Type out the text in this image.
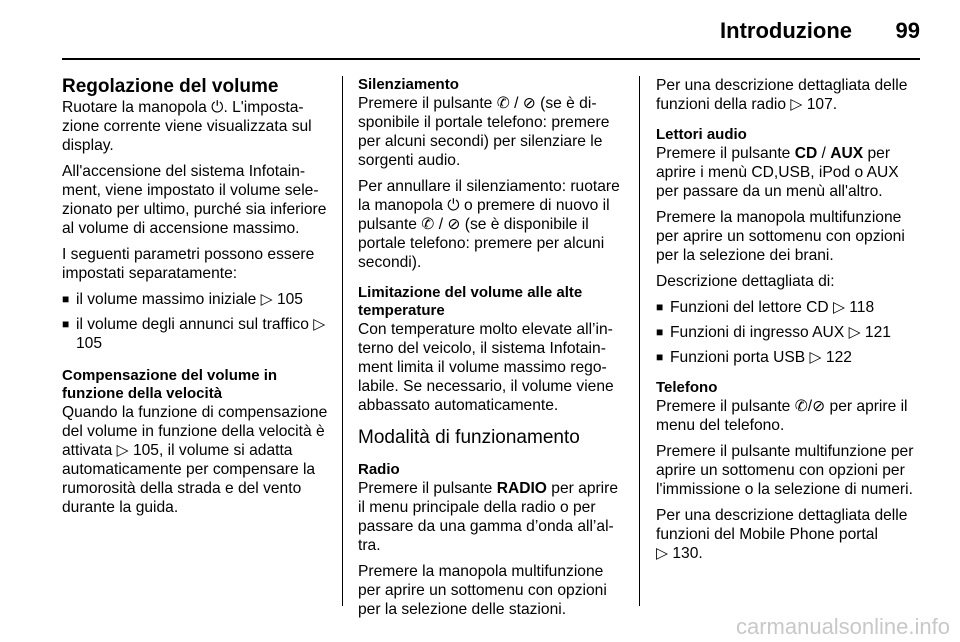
Introduzione 99
Regolazione del volume

Ruotare la manopola ⏻. L'impostazione corrente viene visualizzata sul display.

All'accensione del sistema Infotainment, viene impostato il volume selezionato per ultimo, purché sia inferiore al volume di accensione massimo.

I seguenti parametri possono essere impostati separatamente:

■ il volume massimo iniziale ▷ 105
■ il volume degli annunci sul traffico ▷ 105
Compensazione del volume in funzione della velocità

Quando la funzione di compensazione del volume in funzione della velocità è attivata ▷ 105, il volume si adatta automaticamente per compensare la rumorosità della strada e del vento durante la guida.

Silenziamento

Premere il pulsante ✆ / ⊘ (se è disponibile il portale telefono: premere per alcuni secondi) per silenziare le sorgenti audio.

Per annullare il silenziamento: ruotare la manopola ⏻ o premere di nuovo il pulsante ✆ / ⊘ (se è disponibile il portale telefono: premere per alcuni secondi).

Limitazione del volume alle alte temperature

Con temperature molto elevate all’interno del veicolo, il sistema Infotainment limita il volume massimo regolabile. Se necessario, il volume viene abbassato automaticamente.

Modalità di funzionamento
Radio

Premere il pulsante RADIO per aprire il menu principale della radio o per passare da una gamma d’onda all’altra.

Premere la manopola multifunzione per aprire un sottomenu con opzioni per la selezione delle stazioni.

Per una descrizione dettagliata delle funzioni della radio ▷ 107.

Lettori audio

Premere il pulsante CD / AUX per aprire i menù CD,USB, iPod o AUX per passare da un menù all'altro.

Premere la manopola multifunzione per aprire un sottomenu con opzioni per la selezione dei brani.

Descrizione dettagliata di:

■ Funzioni del lettore CD ▷ 118
■ Funzioni di ingresso AUX ▷ 121
■ Funzioni porta USB ▷ 122
Telefono

Premere il pulsante ✆/⊘ per aprire il menu del telefono.

Premere il pulsante multifunzione per aprire un sottomenu con opzioni per l'immissione o la selezione di numeri.

Per una descrizione dettagliata delle funzioni del Mobile Phone portal
▷ 130.

carmanualsonline.info
